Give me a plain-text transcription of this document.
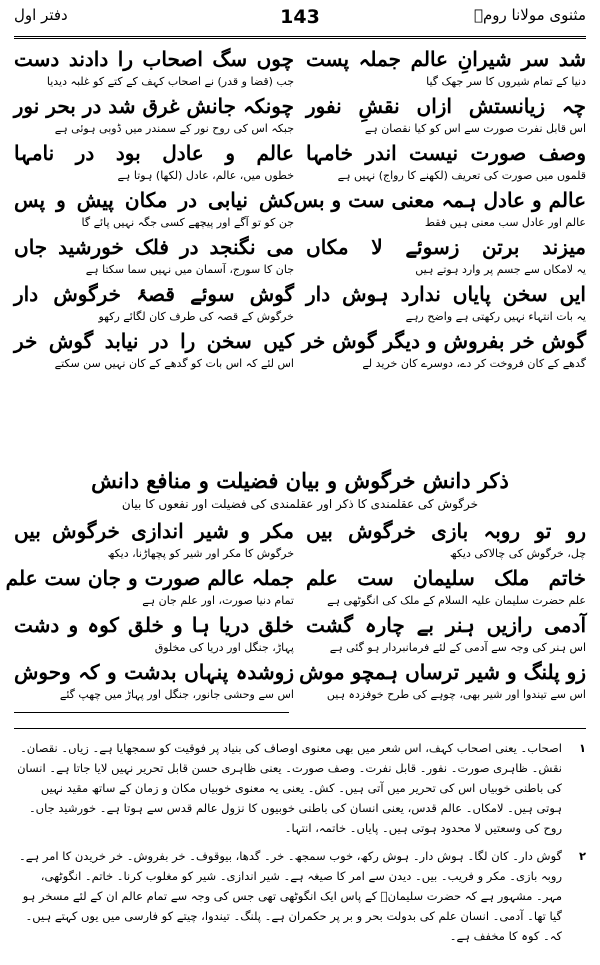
مثنوی مولانا رومؒ
143
دفتر اول
شد سر شیرانِ عالم جملہ پست
دنیا کے تمام شیروں کا سر جھک گیا
چہ زیانستش ازاں نقشِ نفور
اس قابل نفرت صورت سے اس کو کیا نقصان ہے
وصف صورت نیست اندر خامہا
قلموں میں صورت کی تعریف (لکھنے کا رواج) نہیں ہے
عالم و عادل ہمہ معنی ست و بس
عالم اور عادل سب معنی ہیں فقط
میزند برتن زسوئے لا مکاں
یہ لامکاں سے جسم پر وارد ہوتے ہیں
ایں سخن پایاں ندارد ہوش دار
یہ بات انتہاء نہیں رکھتی ہے واضح رہے
گوش خر بفروش و دیگر گوش خر
گدھے کے کان فروخت کر دے، دوسرے کان خرید لے
چوں سگ اصحاب را دادند دست
جب (قضا و قدر) نے اصحاب کہف کے کتے کو غلبہ دیدیا
چونکہ جانش غرق شد در بحر نور
جبکہ اس کی روح نور کے سمندر میں ڈوبی ہوئی ہے
عالم و عادل بود در نامہا
خطوں میں، عالم، عادل (لکھا) ہوتا ہے
کش نیابی در مکان پیش و پس
جن کو تو آگے اور پیچھے کسی جگہ نہیں پائے گا
می نگنجد در فلک خورشید جاں
جان کا سورج، آسمان میں نہیں سما سکتا ہے
گوش سوئے قصۂ خرگوش دار
خرگوش کے قصہ کی طرف کان لگائے رکھو
کیں سخن را در نیابد گوش خر
اس لئے کہ اس بات کو گدھے کے کان نہیں سن سکتے
ذکر دانش خرگوش و بیان فضیلت و منافع دانش
خرگوش کی عقلمندی کا ذکر اور عقلمندی کی فضیلت اور نفعوں کا بیان
رو تو روبہ بازی خرگوش بیں
چل، خرگوش کی چالاکی دیکھ
خاتم ملک سلیمان ست علم
علم حضرت سلیمان علیہ السلام کے ملک کی انگوٹھی ہے
آدمی رازیں ہنر بے چارہ گشت
اس ہنر کی وجہ سے آدمی کے لئے فرمانبردار ہو گئی ہے
زو پلنگ و شیر ترساں ہمچو موش
اس سے تیندوا اور شیر بھی، چوہے کی طرح خوفزدہ ہیں
مکر و شیر اندازی خرگوش بیں
خرگوش کا مکر اور شیر کو پچھاڑنا، دیکھ
جملہ عالم صورت و جان ست علم
تمام دنیا صورت، اور علم جان ہے
خلق دریا ہا و خلق کوہ و دشت
پہاڑ، جنگل اور دریا کی مخلوق
زوشدہ پنہاں بدشت و کہ وحوش
اس سے وحشی جانور، جنگل اور پہاڑ میں چھپ گئے
۱
اصحاب۔ یعنی اصحاب کہف، اس شعر میں بھی معنوی اوصاف کی بنیاد پر فوقیت کو سمجھایا ہے۔ زیاں۔ نقصان۔ نقش۔ ظاہری صورت۔ نفور۔ قابل نفرت۔ وصف صورت۔ یعنی ظاہری حسن قابل تحریر نہیں لایا جاتا ہے۔ انسان کی باطنی خوبیاں اس کی تحریر میں آتی ہیں۔ کش۔ یعنی یہ معنوی خوبیاں مکان و زمان کے ساتھ مقید نہیں ہوتی ہیں۔ لامکاں۔ عالم قدس، یعنی انسان کی باطنی خوبیوں کا نزول عالم قدس سے ہوتا ہے۔ خورشید جاں۔ روح کی وسعتیں لا محدود ہوتی ہیں۔ پایاں۔ خاتمہ، انتہا۔
۲
گوش دار۔ کان لگا۔ ہوش دار۔ ہوش رکھ، خوب سمجھ۔ خر۔ گدھا، بیوقوف۔ خر بفروش۔ خر خریدن کا امر ہے۔ روبہ بازی۔ مکر و فریب۔ بیں۔ دیدن سے امر کا صیغہ ہے۔ شیر اندازی۔ شیر کو مغلوب کرنا۔ خاتم۔ انگوٹھی، مہر۔ مشہور ہے کہ حضرت سلیمانؑ کے پاس ایک انگوٹھی تھی جس کی وجہ سے تمام عالم ان کے لئے مسخر ہو گیا تھا۔ آدمی۔ انسان علم کی بدولت بحر و بر پر حکمران ہے۔ پلنگ۔ تیندوا، چیتے کو فارسی میں یوں کہتے ہیں۔ کہ۔ کوہ کا مخفف ہے۔
